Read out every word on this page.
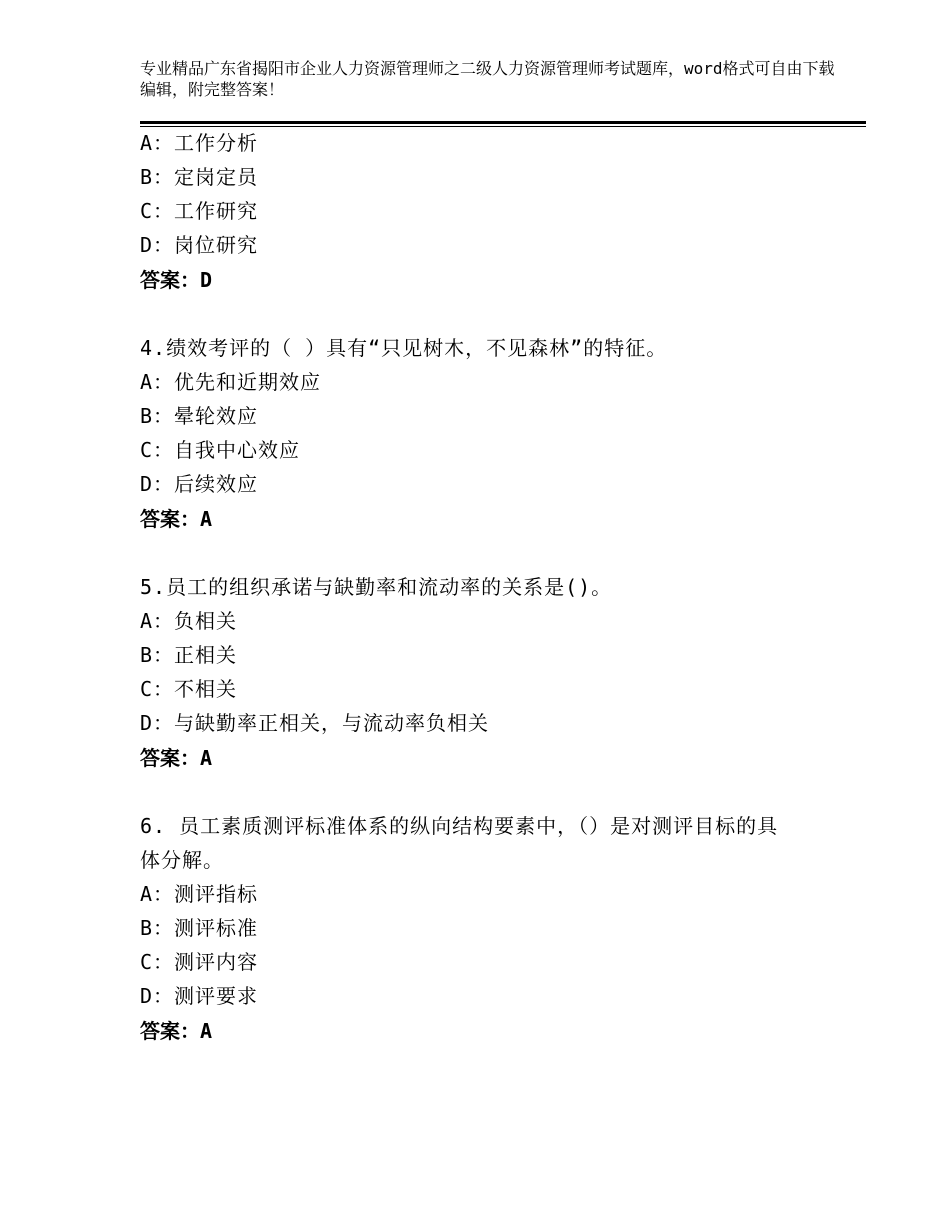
专业精品广东省揭阳市企业人力资源管理师之二级人力资源管理师考试题库，word格式可自由下载编辑，附完整答案！
A：工作分析
B：定岗定员
C：工作研究
D：岗位研究
答案：D
4.绩效考评的（ ）具有“只见树木，不见森林”的特征。
A：优先和近期效应
B：晕轮效应
C：自我中心效应
D：后续效应
答案：A
5.员工的组织承诺与缺勤率和流动率的关系是()。
A：负相关
B：正相关
C：不相关
D：与缺勤率正相关，与流动率负相关
答案：A
6. 员工素质测评标准体系的纵向结构要素中，（）是对测评目标的具
体分解。
A：测评指标
B：测评标准
C：测评内容
D：测评要求
答案：A
